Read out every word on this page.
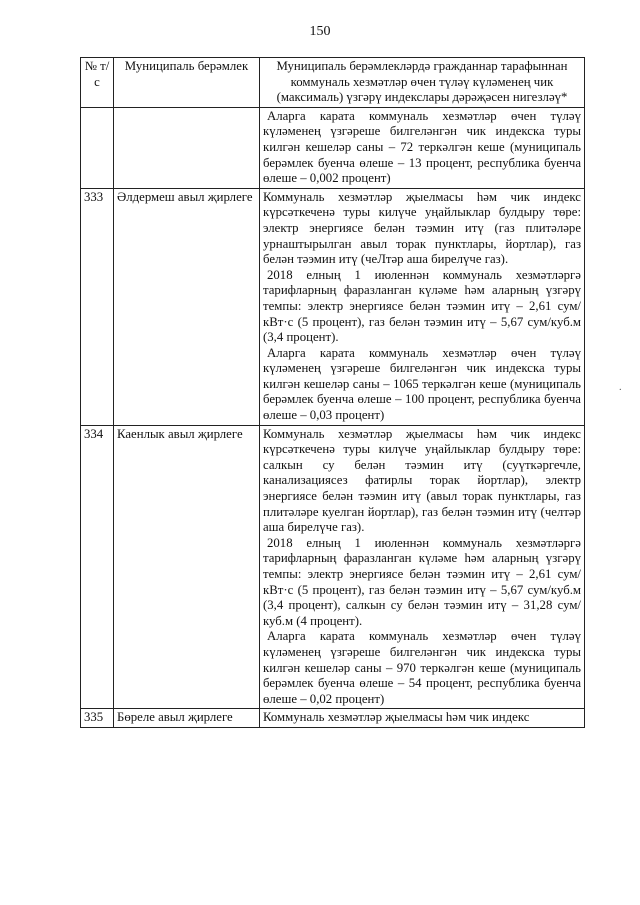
150
·
№ т/с	Муниципаль берәмлек	Муниципаль берәмлекләрдә гражданнар тарафыннан коммуналь хезмәтләр өчен түләү күләменең чик (максималь) үзгәрү индекслары дәрәҗәсен нигезләү*

		Аларга карата коммуналь хезмәтләр өчен түләү күләменең үзгәреше билгеләнгән чик индекска туры килгән кешеләр саны – 72 теркәлгән кеше (муниципаль берәмлек буенча өлеше – 13 процент, республика буенча өлеше – 0,002 процент)

333	Әлдермеш авыл җирлеге	Коммуналь хезмәтләр җыелмасы һәм чик индекс күрсәткеченә туры килүче уңайлыклар булдыру төре: электр энергиясе белән тәэмин итү (газ плитәләре урнаштырылган авыл торак пунктлары, йортлар), газ белән тәэмин итү (чеЛтәр аша бирелүче газ).

2018 елның 1 июленнән коммуналь хезмәтләргә тарифларның фаразланган күләме һәм аларның үзгәрү темпы: электр энергиясе белән тәэмин итү – 2,61 сум/кВт·с (5 процент), газ белән тәэмин итү – 5,67 сум/куб.м (3,4 процент).

Аларга карата коммуналь хезмәтләр өчен түләү күләменең үзгәреше билгеләнгән чик индекска туры килгән кешеләр саны – 1065 теркәлгән кеше (муниципаль берәмлек буенча өлеше – 100 процент, республика буенча өлеше – 0,03 процент)

334	Каенлык авыл җирлеге	Коммуналь хезмәтләр җыелмасы һәм чик индекс күрсәткеченә туры килүче уңайлыклар булдыру төре: салкын су белән тәэмин итү (суүткәргечле, канализациясез фатирлы торак йортлар), электр энергиясе белән тәэмин итү (авыл торак пунктлары, газ плитәләре куелган йортлар), газ белән тәэмин итү (челтәр аша бирелүче газ).

2018 елның 1 июленнән коммуналь хезмәтләргә тарифларның фаразланган күләме һәм аларның үзгәрү темпы: электр энергиясе белән тәэмин итү – 2,61 сум/кВт·с (5 процент), газ белән тәэмин итү – 5,67 сум/куб.м (3,4 процент), салкын су белән тәэмин итү – 31,28 сум/куб.м (4 процент).

Аларга карата коммуналь хезмәтләр өчен түләү күләменең үзгәреше билгеләнгән чик индекска туры килгән кешеләр саны – 970 теркәлгән кеше (муниципаль берәмлек буенча өлеше – 54 процент, республика буенча өлеше – 0,02 процент)

335	Бөреле авыл җирлеге	Коммуналь хезмәтләр җыелмасы һәм чик индекс
